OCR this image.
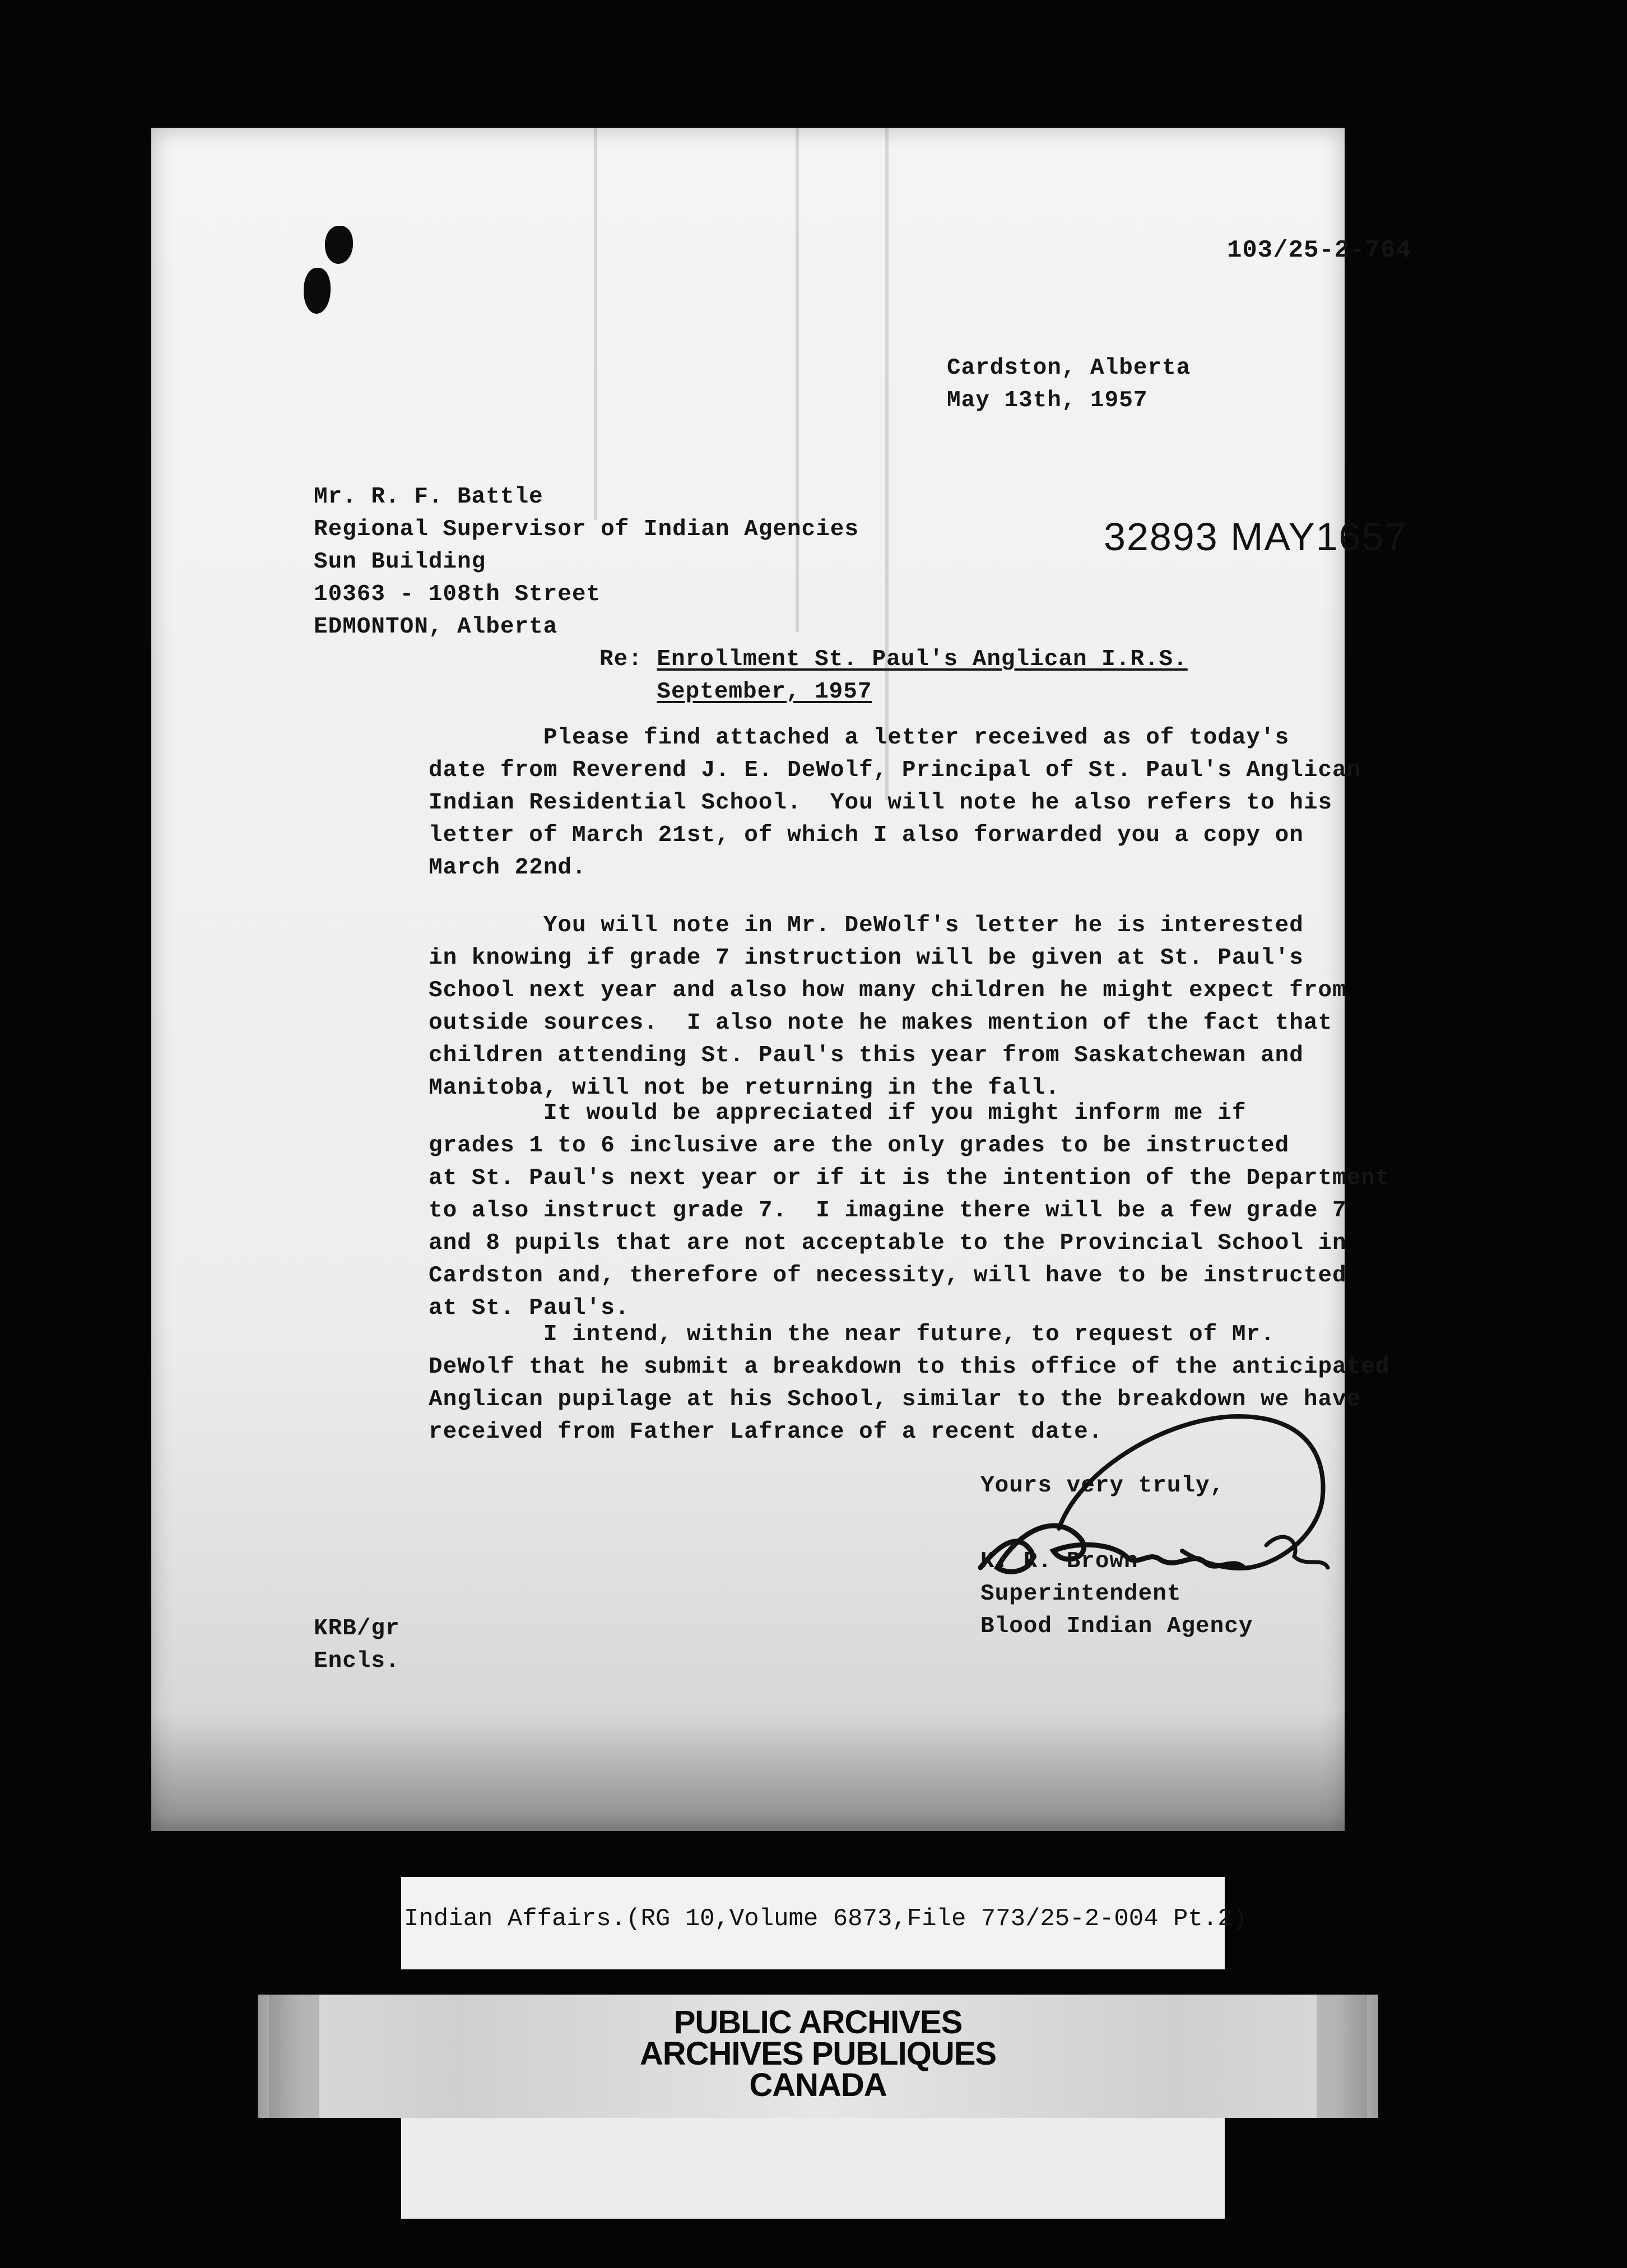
103/25-2-764
Cardston, Alberta
May 13th, 1957
Mr. R. F. Battle
Regional Supervisor of Indian Agencies
Sun Building
10363 - 108th Street
EDMONTON, Alberta
32893 MAY1657
Re: Enrollment St. Paul's Anglican I.R.S.
September, 1957
Please find attached a letter received as of today's
date from Reverend J. E. DeWolf, Principal of St. Paul's Anglican
Indian Residential School.  You will note he also refers to his
letter of March 21st, of which I also forwarded you a copy on
March 22nd.
You will note in Mr. DeWolf's letter he is interested
in knowing if grade 7 instruction will be given at St. Paul's
School next year and also how many children he might expect from
outside sources.  I also note he makes mention of the fact that
children attending St. Paul's this year from Saskatchewan and
Manitoba, will not be returning in the fall.
It would be appreciated if you might inform me if
grades 1 to 6 inclusive are the only grades to be instructed
at St. Paul's next year or if it is the intention of the Department
to also instruct grade 7.  I imagine there will be a few grade 7
and 8 pupils that are not acceptable to the Provincial School in
Cardston and, therefore of necessity, will have to be instructed
at St. Paul's.
I intend, within the near future, to request of Mr.
DeWolf that he submit a breakdown to this office of the anticipated
Anglican pupilage at his School, similar to the breakdown we have
received from Father Lafrance of a recent date.
Yours very truly,
K. R. Brown
Superintendent
Blood Indian Agency
KRB/gr
Encls.
Indian Affairs.(RG 10,Volume 6873,File 773/25-2-004 Pt.2)
PUBLIC ARCHIVES
ARCHIVES PUBLIQUES
CANADA
